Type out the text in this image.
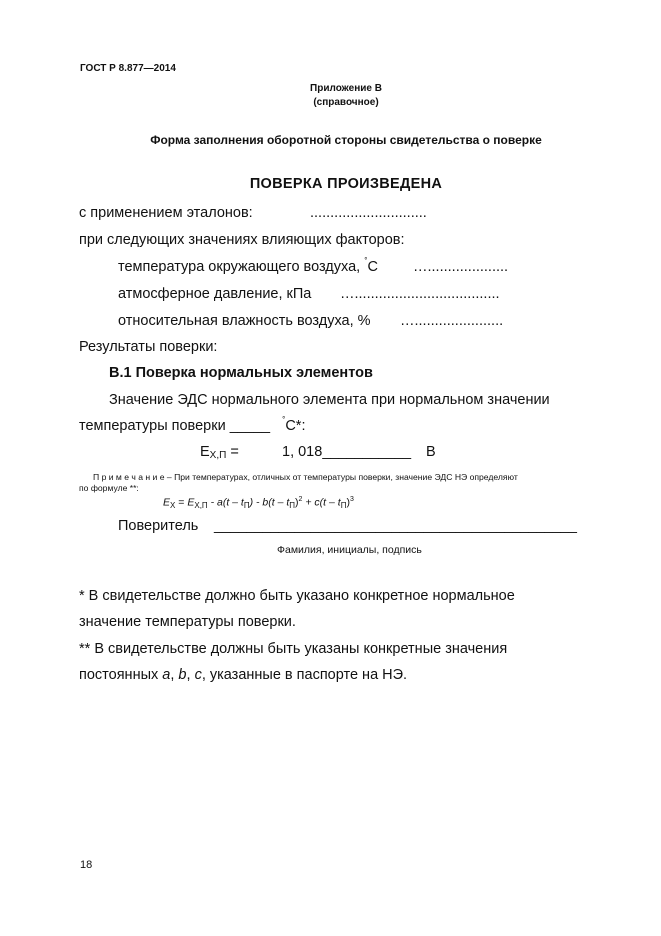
ГОСТ Р 8.877—2014
Приложение В
(справочное)
Форма заполнения оборотной стороны свидетельства о поверке
ПОВЕРКА ПРОИЗВЕДЕНА
с применением эталонов:	.............................
при следующих значениях влияющих факторов:
температура окружающего воздуха, °С …....................
атмосферное давление, кПа …....................................
относительная влажность воздуха, % …......................
Результаты поверки:
В.1 Поверка нормальных элементов
Значение ЭДС нормального элемента при нормальном значении
температуры поверки _____ °С*:
$E_{Х,П}$ =	1, 018___________ В
П р и м е ч а н и е – При температурах, отличных от температуры поверки, значение ЭДС НЭ определяют
по формуле **:
$E_X = E_{Х,П} - a(t - t_П) - b(t - t_П)^2 + c(t - t_П)^3$
Поверитель _____________________________________________
Фамилия, инициалы, подпись
* В свидетельстве должно быть указано конкретное нормальное
значение температуры поверки.
** В свидетельстве должны быть указаны конкретные значения
постоянных a, b, c, указанные в паспорте на НЭ.
18
